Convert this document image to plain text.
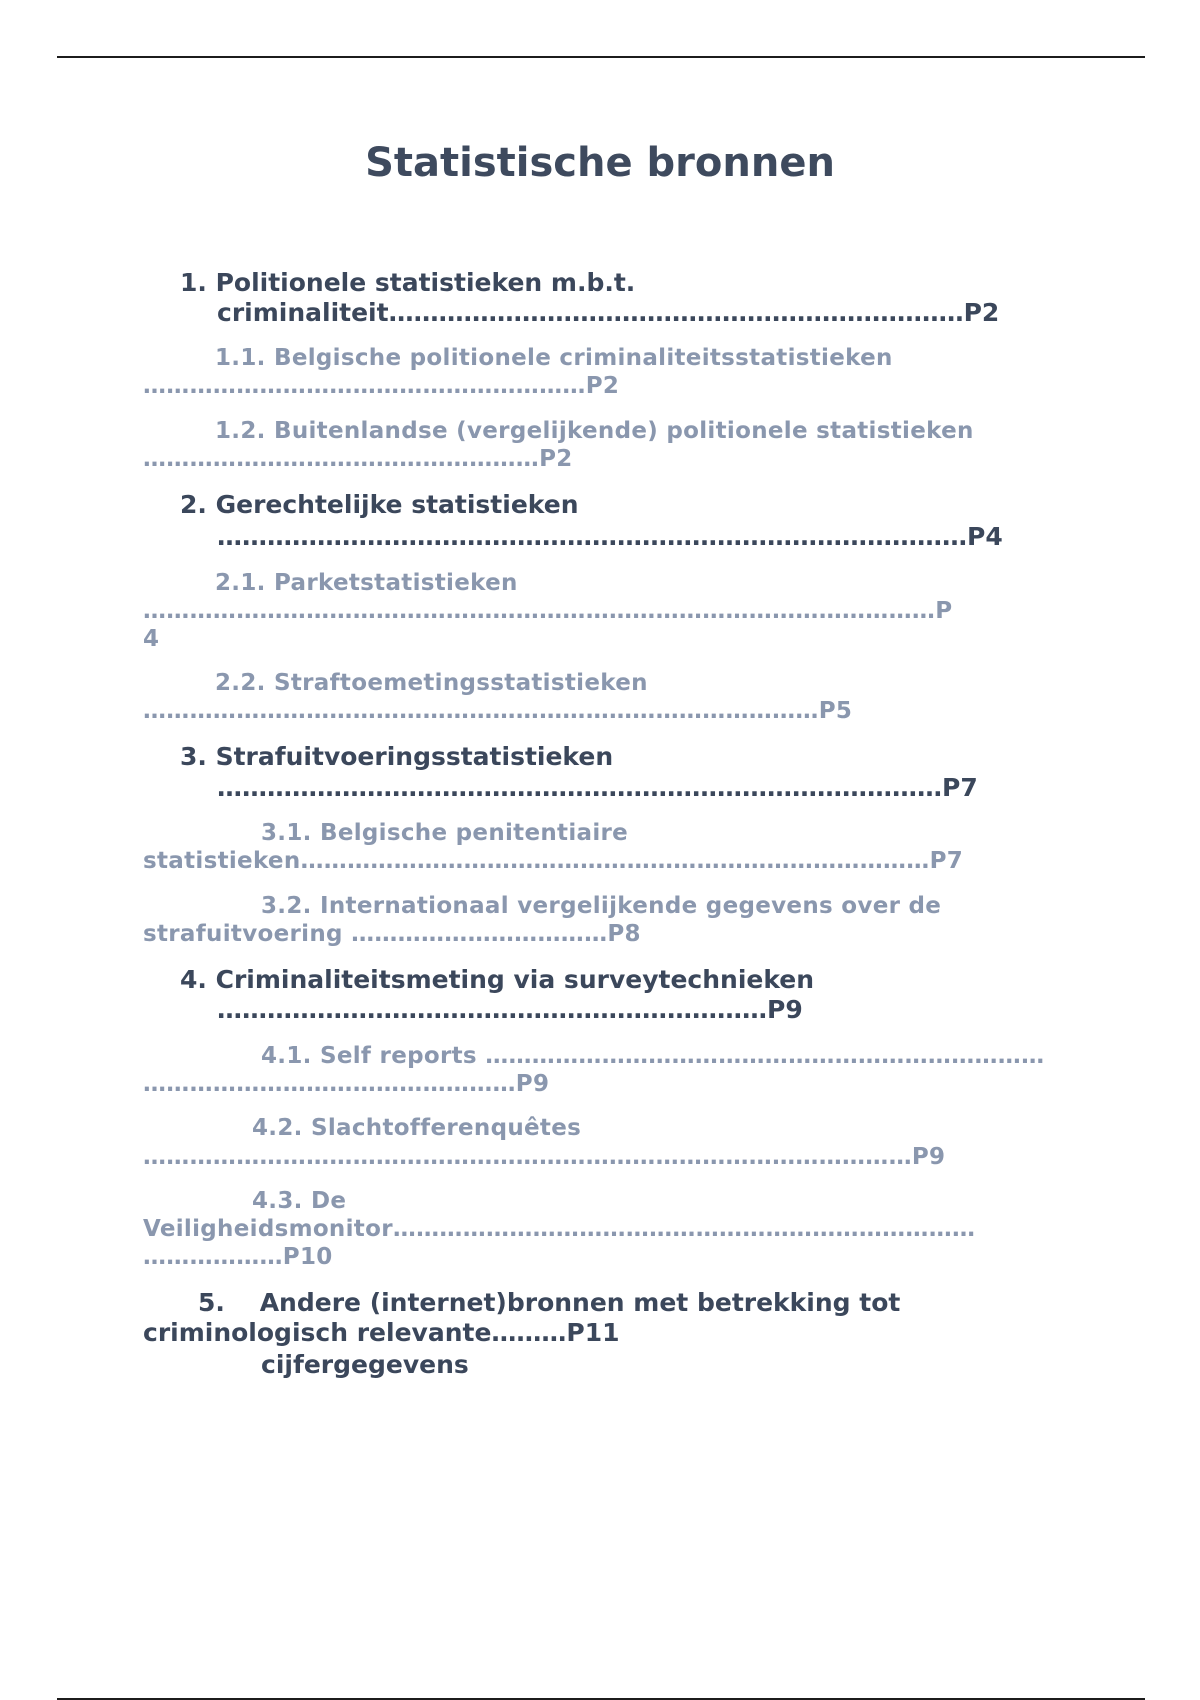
Statistische bronnen

1. Politionele statistieken m.b.t.

criminaliteit……………………………………………………………P2

1.1. Belgische politionele criminaliteitsstatistieken

…………………………………………………P2

1.2. Buitenlandse (vergelijkende) politionele statistieken

……………………………………………P2

2. Gerechtelijke statistieken

………………………………………………………………………………P4

2.1. Parketstatistieken

…………………………………………………………………………………………P

4

2.2. Straftoemetingsstatistieken

……………………………………………………………………………P5

3. Strafuitvoeringsstatistieken

……………………………………………………………………………P7

3.1. Belgische penitentiaire

statistieken………………………………………………………………………P7

3.2. Internationaal vergelijkende gegevens over de

strafuitvoering ……………………………P8

4. Criminaliteitsmeting via surveytechnieken

…………………………………………………………P9

4.1. Self reports ………………………………………………………………

…………………………………………P9

4.2. Slachtofferenquêtes

………………………………………………………………………………………P9

4.3. De

Veiligheidsmonitor…………………………………………………………………

………………P10

5.    Andere (internet)bronnen met betrekking tot

criminologisch relevante………P11

cijfergegevens
